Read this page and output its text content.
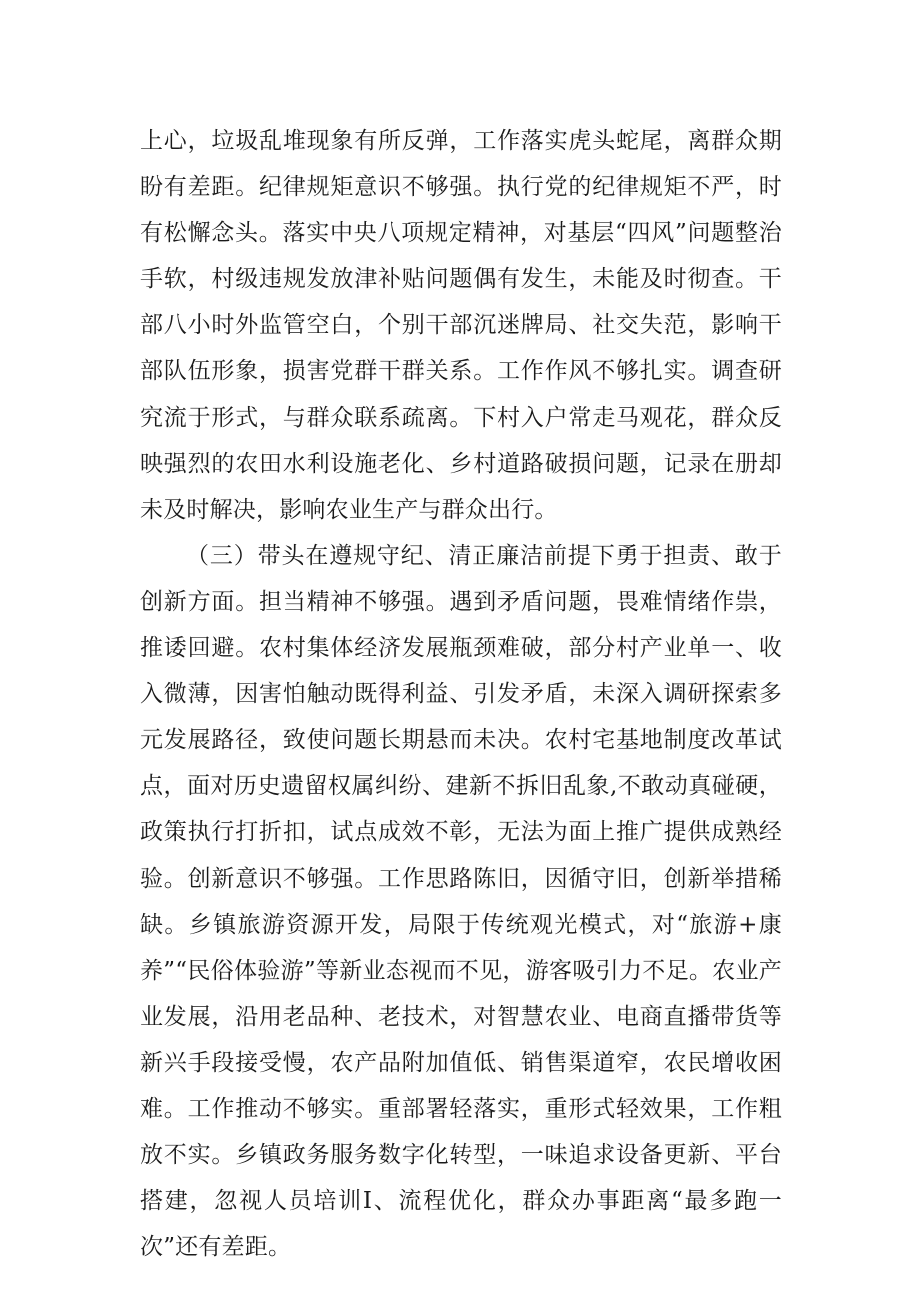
上心，垃圾乱堆现象有所反弹，工作落实虎头蛇尾，离群众期盼有差距。纪律规矩意识不够强。执行党的纪律规矩不严，时有松懈念头。落实中央八项规定精神，对基层“四风”问题整治手软，村级违规发放津补贴问题偶有发生，未能及时彻查。干部八小时外监管空白，个别干部沉迷牌局、社交失范，影响干部队伍形象，损害党群干群关系。工作作风不够扎实。调查研究流于形式，与群众联系疏离。下村入户常走马观花，群众反映强烈的农田水利设施老化、乡村道路破损问题，记录在册却未及时解决，影响农业生产与群众出行。

（三）带头在遵规守纪、清正廉洁前提下勇于担责、敢于创新方面。担当精神不够强。遇到矛盾问题，畏难情绪作祟，推诿回避。农村集体经济发展瓶颈难破，部分村产业单一、收入微薄，因害怕触动既得利益、引发矛盾，未深入调研探索多元发展路径，致使问题长期悬而未决。农村宅基地制度改革试点，面对历史遗留权属纠纷、建新不拆旧乱象,不敢动真碰硬，政策执行打折扣，试点成效不彰，无法为面上推广提供成熟经验。创新意识不够强。工作思路陈旧，因循守旧，创新举措稀缺。乡镇旅游资源开发，局限于传统观光模式，对“旅游+康养”“民俗体验游”等新业态视而不见，游客吸引力不足。农业产业发展，沿用老品种、老技术，对智慧农业、电商直播带货等新兴手段接受慢，农产品附加值低、销售渠道窄，农民增收困难。工作推动不够实。重部署轻落实，重形式轻效果，工作粗放不实。乡镇政务服务数字化转型，一味追求设备更新、平台搭建，忽视人员培训I、流程优化，群众办事距离“最多跑一次”还有差距。
